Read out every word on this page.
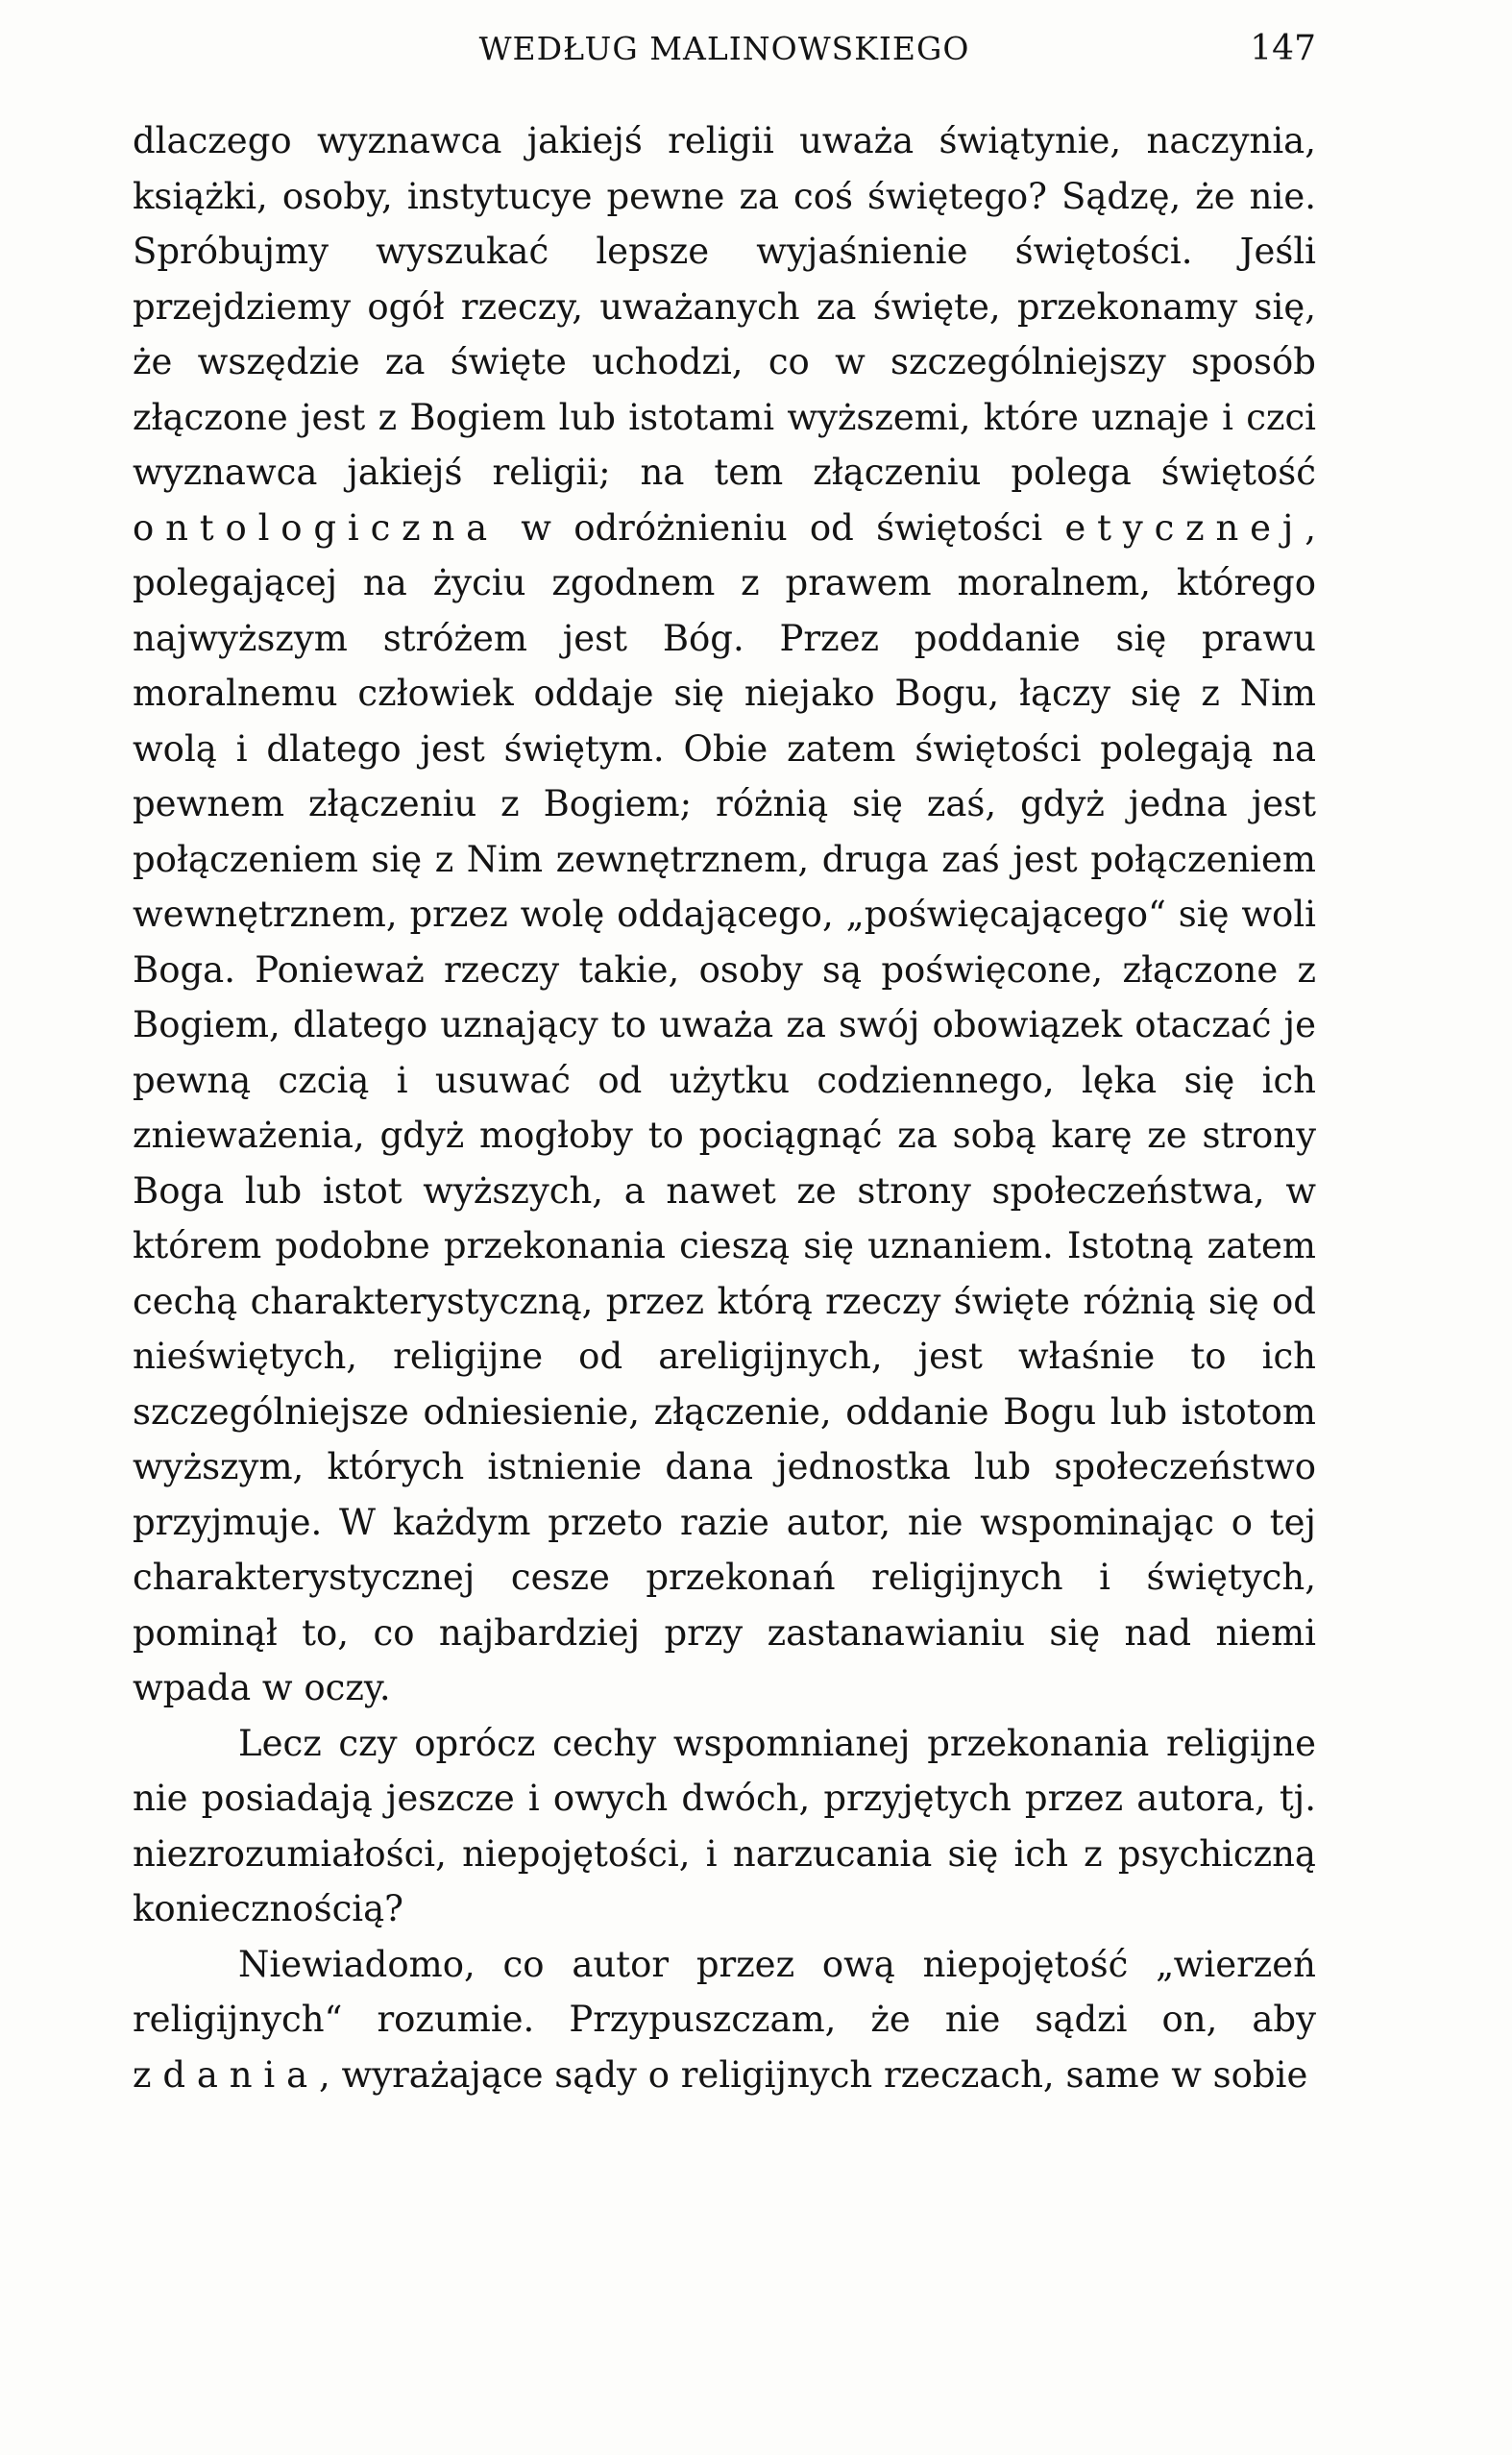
WEDŁUG MALINOWSKIEGO	147

dlaczego wyznawca jakiejś religii uważa świątynie, naczynia, książki, osoby, instytucye pewne za coś świętego? Sądzę, że nie. Spróbujmy wyszukać lepsze wyjaśnienie świętości. Jeśli przejdziemy ogół rzeczy, uważanych za święte, przekonamy się, że wszędzie za święte uchodzi, co w szczególniejszy sposób złączone jest z Bogiem lub istotami wyższemi, które uznaje i czci wyznawca jakiejś religii; na tem złączeniu polega świętość ontologiczna w odróżnieniu od świętości etycznej, polegającej na życiu zgodnem z prawem moralnem, którego najwyższym stróżem jest Bóg. Przez poddanie się prawu moralnemu człowiek oddaje się niejako Bogu, łączy się z Nim wolą i dlatego jest świętym. Obie zatem świętości polegają na pewnem złączeniu z Bogiem; różnią się zaś, gdyż jedna jest połączeniem się z Nim zewnętrznem, druga zaś jest połączeniem wewnętrznem, przez wolę oddającego, „poświęcającego“ się woli Boga. Ponieważ rzeczy takie, osoby są poświęcone, złączone z Bogiem, dlatego uznający to uważa za swój obowiązek otaczać je pewną czcią i usuwać od użytku codziennego, lęka się ich znieważenia, gdyż mogłoby to pociągnąć za sobą karę ze strony Boga lub istot wyższych, a nawet ze strony społeczeństwa, w którem podobne przekonania cieszą się uznaniem. Istotną zatem cechą charakterystyczną, przez którą rzeczy święte różnią się od nieświętych, religijne od areligijnych, jest właśnie to ich szczególniejsze odniesienie, złączenie, oddanie Bogu lub istotom wyższym, których istnienie dana jednostka lub społeczeństwo przyjmuje. W każdym przeto razie autor, nie wspominając o tej charakterystycznej cesze przekonań religijnych i świętych, pominął to, co najbardziej przy zastanawianiu się nad niemi wpada w oczy.

Lecz czy oprócz cechy wspomnianej przekonania religijne nie posiadają jeszcze i owych dwóch, przyjętych przez autora, tj. niezrozumiałości, niepojętości, i narzucania się ich z psychiczną koniecznością?

Niewiadomo, co autor przez ową niepojętość „wierzeń religijnych“ rozumie. Przypuszczam, że nie sądzi on, aby zdania, wyrażające sądy o religijnych rzeczach, same w sobie
